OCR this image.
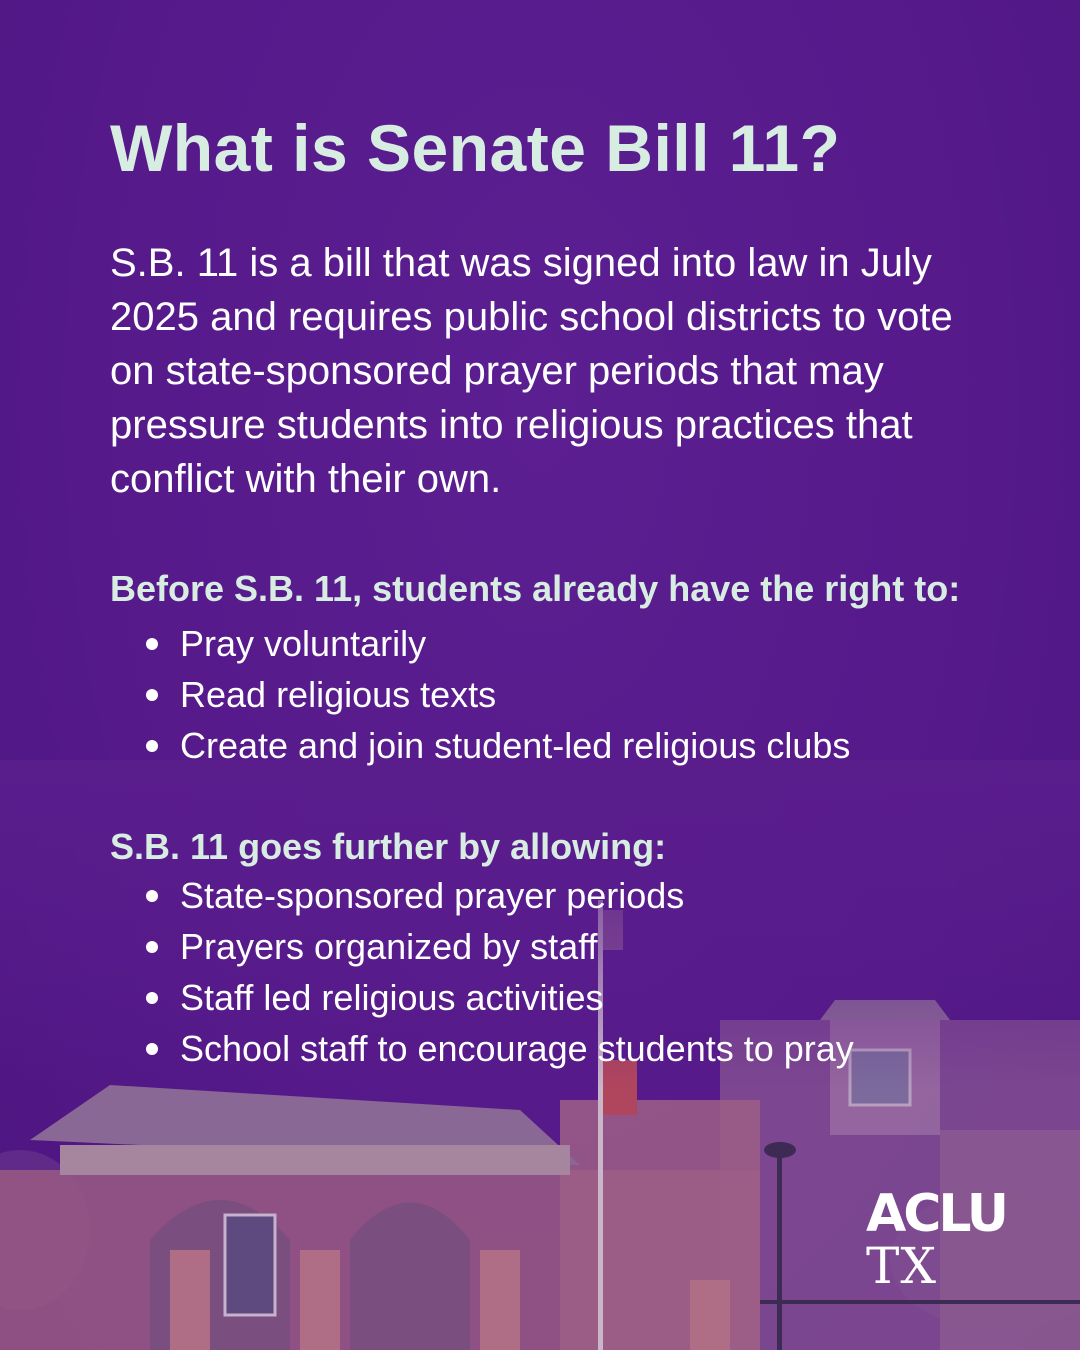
What is Senate Bill 11?

S.B. 11 is a bill that was signed into law in July 2025 and requires public school districts to vote on state-sponsored prayer periods that may pressure students into religious practices that conflict with their own.

Before S.B. 11, students already have the right to:
Pray voluntarily
Read religious texts
Create and join student-led religious clubs
S.B. 11 goes further by allowing:
State-sponsored prayer periods
Prayers organized by staff
Staff led religious activities
School staff to encourage students to pray
ACLU
TX
